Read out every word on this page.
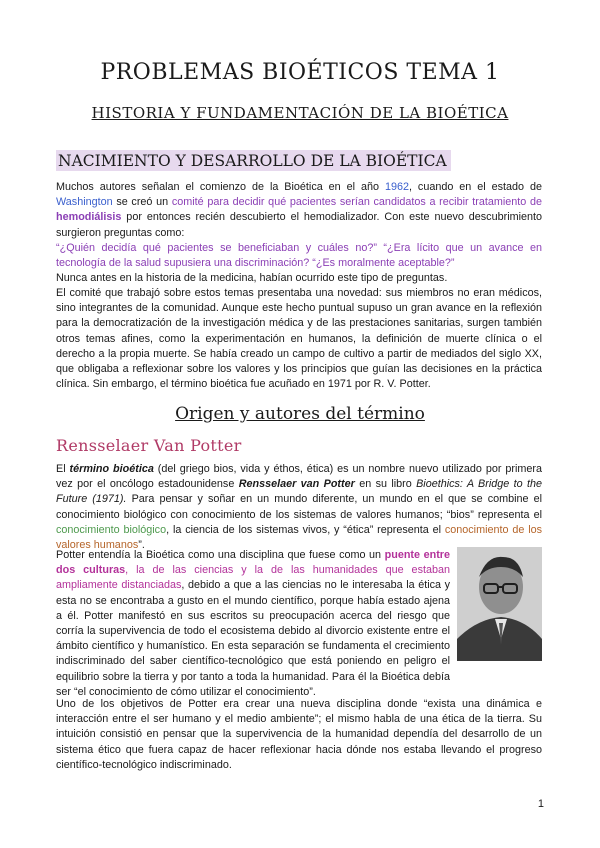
PROBLEMAS BIOÉTICOS TEMA 1
HISTORIA Y FUNDAMENTACIÓN DE LA BIOÉTICA
NACIMIENTO Y DESARROLLO DE LA BIOÉTICA
Muchos autores señalan el comienzo de la Bioética en el año 1962, cuando en el estado de Washington se creó un comité para decidir qué pacientes serían candidatos a recibir tratamiento de hemodiálisis por entonces recién descubierto el hemodializador. Con este nuevo descubrimiento surgieron preguntas como:
“¿Quién decidía qué pacientes se beneficiaban y cuáles no?” “¿Era lícito que un avance en tecnología de la salud supusiera una discriminación? “¿Es moralmente aceptable?”
Nunca antes en la historia de la medicina, habían ocurrido este tipo de preguntas.
El comité que trabajó sobre estos temas presentaba una novedad: sus miembros no eran médicos, sino integrantes de la comunidad. Aunque este hecho puntual supuso un gran avance en la reflexión para la democratización de la investigación médica y de las prestaciones sanitarias, surgen también otros temas afines, como la experimentación en humanos, la definición de muerte clínica o el derecho a la propia muerte. Se había creado un campo de cultivo a partir de mediados del siglo XX, que obligaba a reflexionar sobre los valores y los principios que guían las decisiones en la práctica clínica. Sin embargo, el término bioética fue acuñado en 1971 por R. V. Potter.
Origen y autores del término
Rensselaer Van Potter
El término bioética (del griego bios, vida y éthos, ética) es un nombre nuevo utilizado por primera vez por el oncólogo estadounidense Rensselaer van Potter en su libro Bioethics: A Bridge to the Future (1971). Para pensar y soñar en un mundo diferente, un mundo en el que se combine el conocimiento biológico con conocimiento de los sistemas de valores humanos; “bios” representa el conocimiento biológico, la ciencia de los sistemas vivos, y “ética” representa el conocimiento de los valores humanos”.
Potter entendía la Bioética como una disciplina que fuese como un puente entre dos culturas, la de las ciencias y la de las humanidades que estaban ampliamente distanciadas, debido a que a las ciencias no le interesaba la ética y esta no se encontraba a gusto en el mundo científico, porque había estado ajena a él. Potter manifestó en sus escritos su preocupación acerca del riesgo que corría la supervivencia de todo el ecosistema debido al divorcio existente entre el ámbito científico y humanístico. En esta separación se fundamenta el crecimiento indiscriminado del saber científico-tecnológico que está poniendo en peligro el equilibrio sobre la tierra y por tanto a toda la humanidad. Para él la Bioética debía ser “el conocimiento de cómo utilizar el conocimiento”.
Uno de los objetivos de Potter era crear una nueva disciplina donde “exista una dinámica e interacción entre el ser humano y el medio ambiente”; el mismo habla de una ética de la tierra. Su intuición consistió en pensar que la supervivencia de la humanidad dependía del desarrollo de un sistema ético que fuera capaz de hacer reflexionar hacia dónde nos estaba llevando el progreso científico-tecnológico indiscriminado.
1
